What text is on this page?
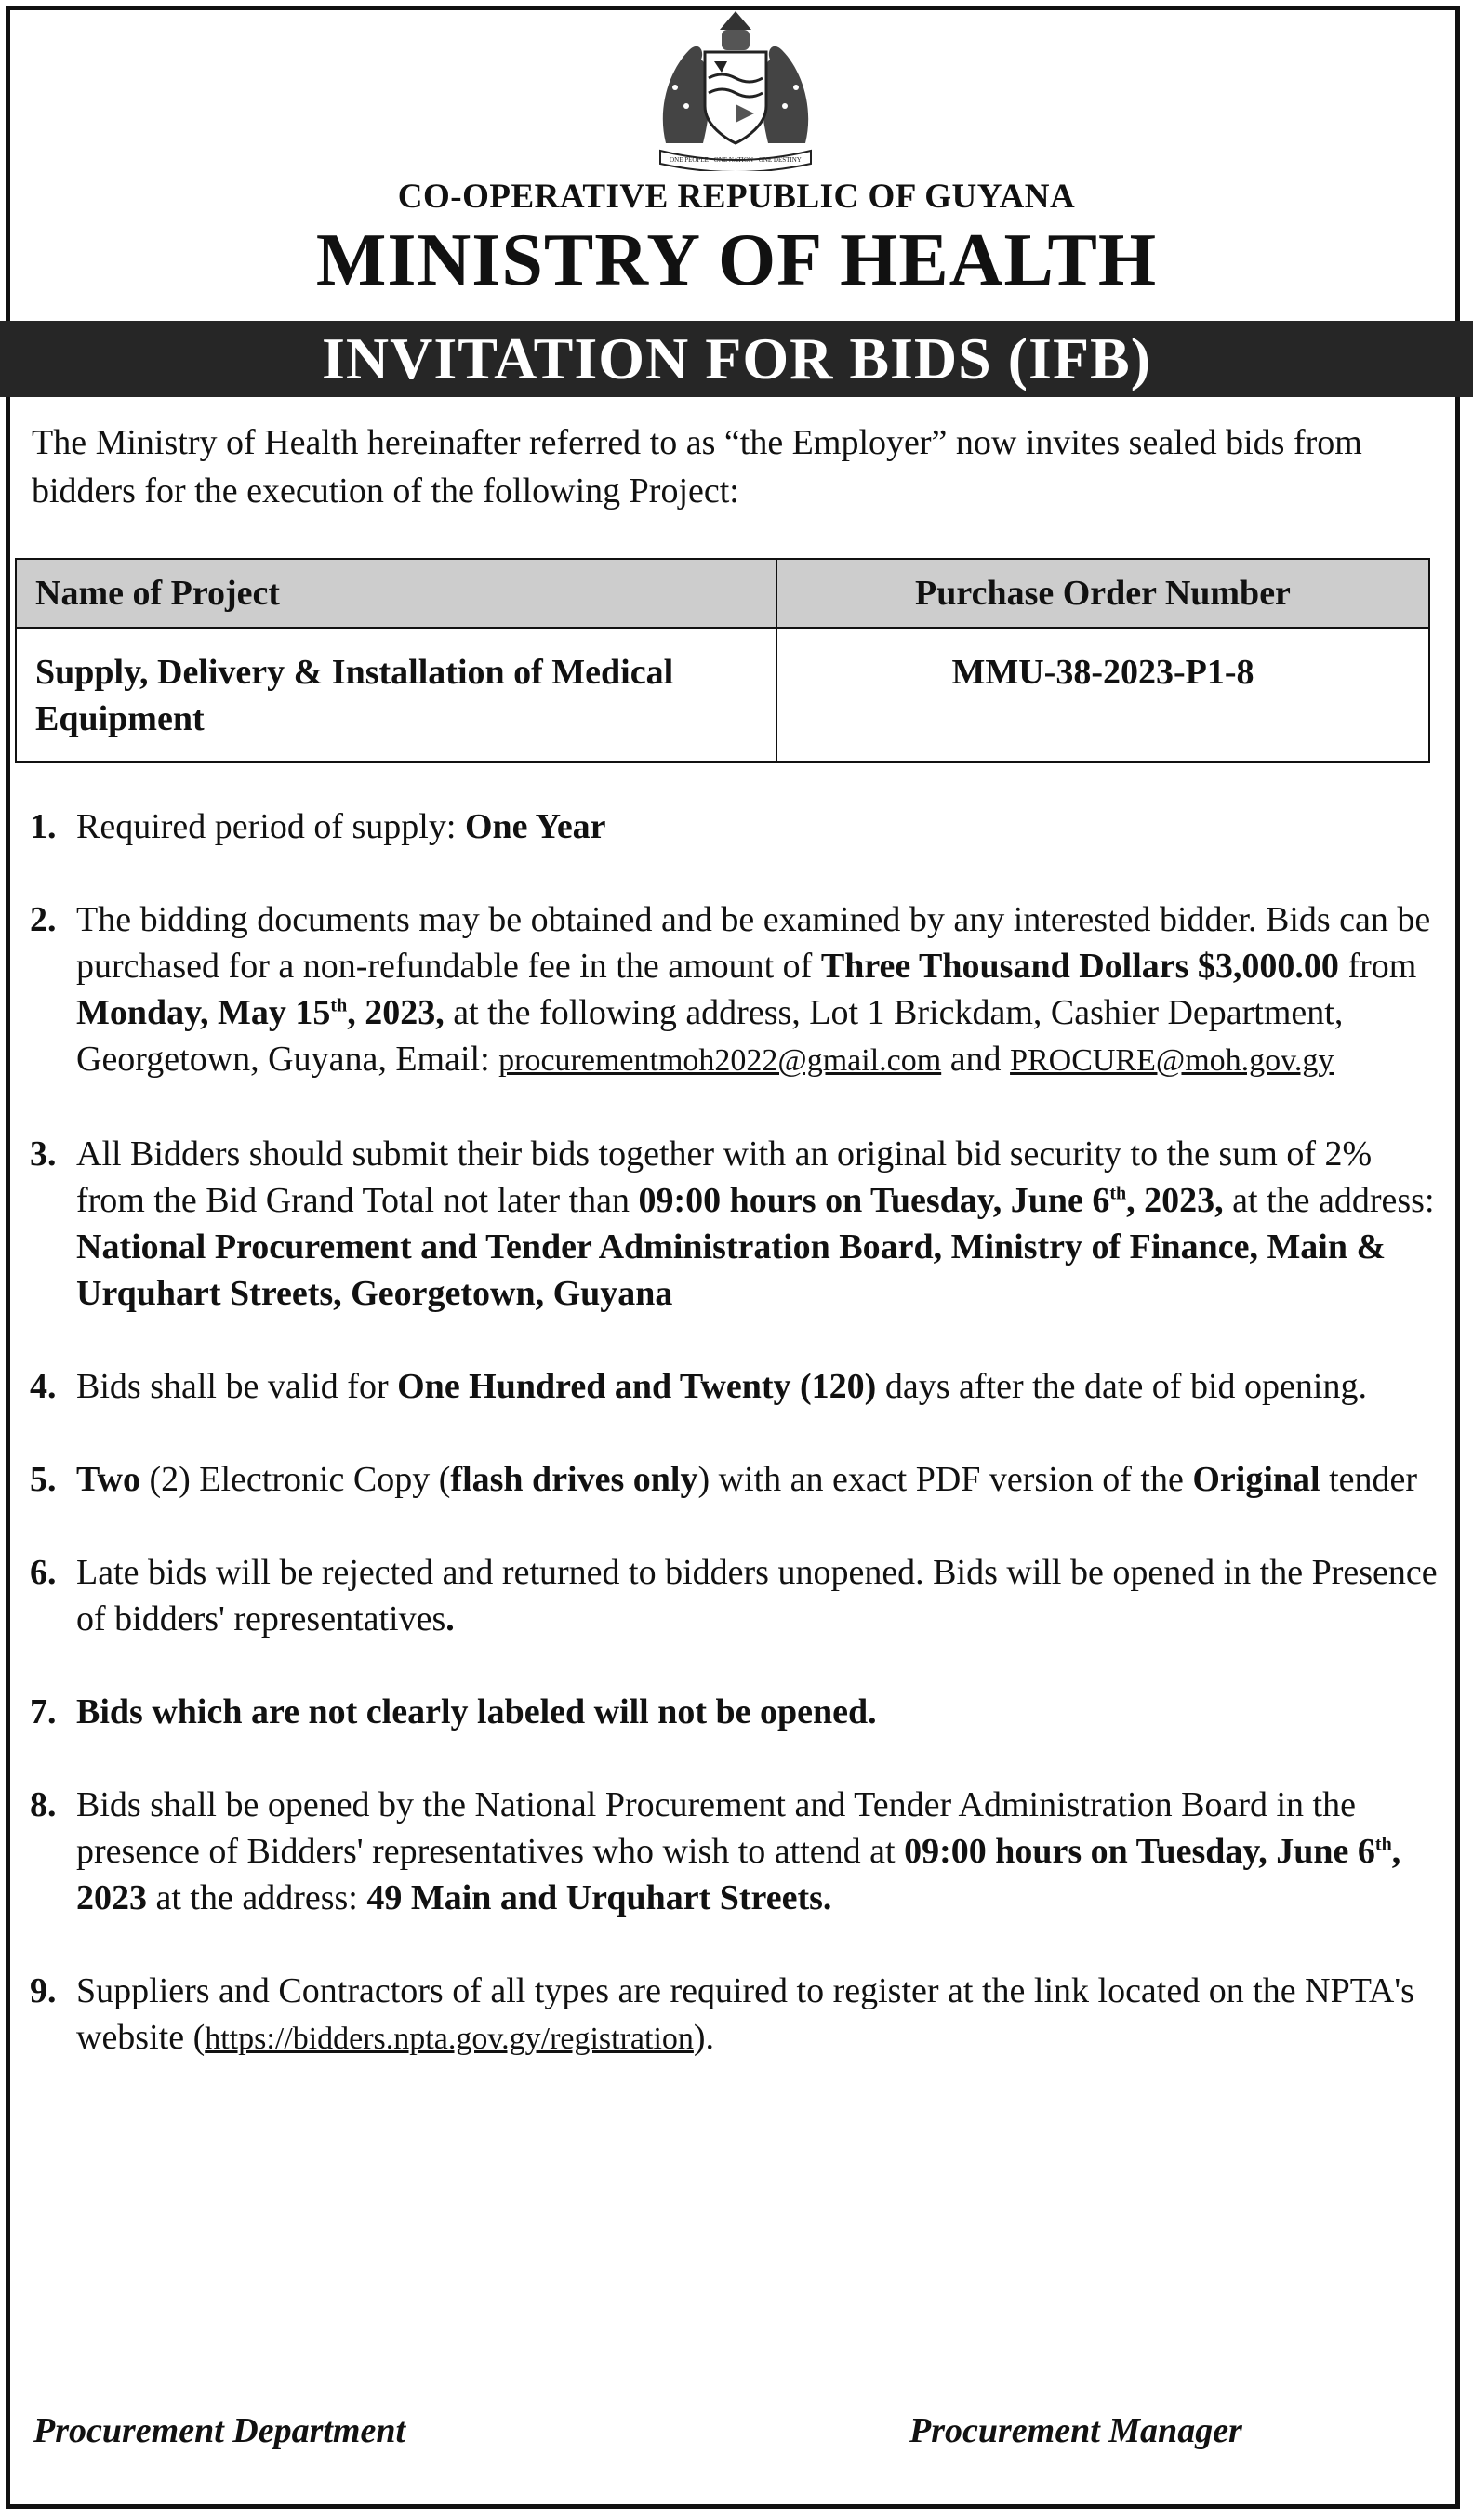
ONE PEOPLE · ONE NATION · ONE DESTINY
CO-OPERATIVE REPUBLIC OF GUYANA
MINISTRY OF HEALTH
INVITATION FOR BIDS (IFB)
The Ministry of Health hereinafter referred to as “the Employer” now invites sealed bids from bidders for the execution of the following Project:
Name of Project	Purchase Order Number
Supply, Delivery & Installation of Medical Equipment	MMU-38-2023-P1-8
1. Required period of supply: One Year
2. The bidding documents may be obtained and be examined by any interested bidder. Bids can be purchased for a non-refundable fee in the amount of Three Thousand Dollars $3,000.00 from Monday, May 15th, 2023, at the following address, Lot 1 Brickdam, Cashier Department, Georgetown, Guyana, Email: procurementmoh2022@gmail.com and PROCURE@moh.gov.gy
3. All Bidders should submit their bids together with an original bid security to the sum of 2% from the Bid Grand Total not later than 09:00 hours on Tuesday, June 6th, 2023, at the address: National Procurement and Tender Administration Board, Ministry of Finance, Main & Urquhart Streets, Georgetown, Guyana
4. Bids shall be valid for One Hundred and Twenty (120) days after the date of bid opening.
5. Two (2) Electronic Copy (flash drives only) with an exact PDF version of the Original tender
6. Late bids will be rejected and returned to bidders unopened. Bids will be opened in the Presence of bidders' representatives.
7. Bids which are not clearly labeled will not be opened.
8. Bids shall be opened by the National Procurement and Tender Administration Board in the presence of Bidders' representatives who wish to attend at 09:00 hours on Tuesday, June 6th, 2023 at the address: 49 Main and Urquhart Streets.
9. Suppliers and Contractors of all types are required to register at the link located on the NPTA's website (https://bidders.npta.gov.gy/registration).
Procurement Department	Procurement Manager
